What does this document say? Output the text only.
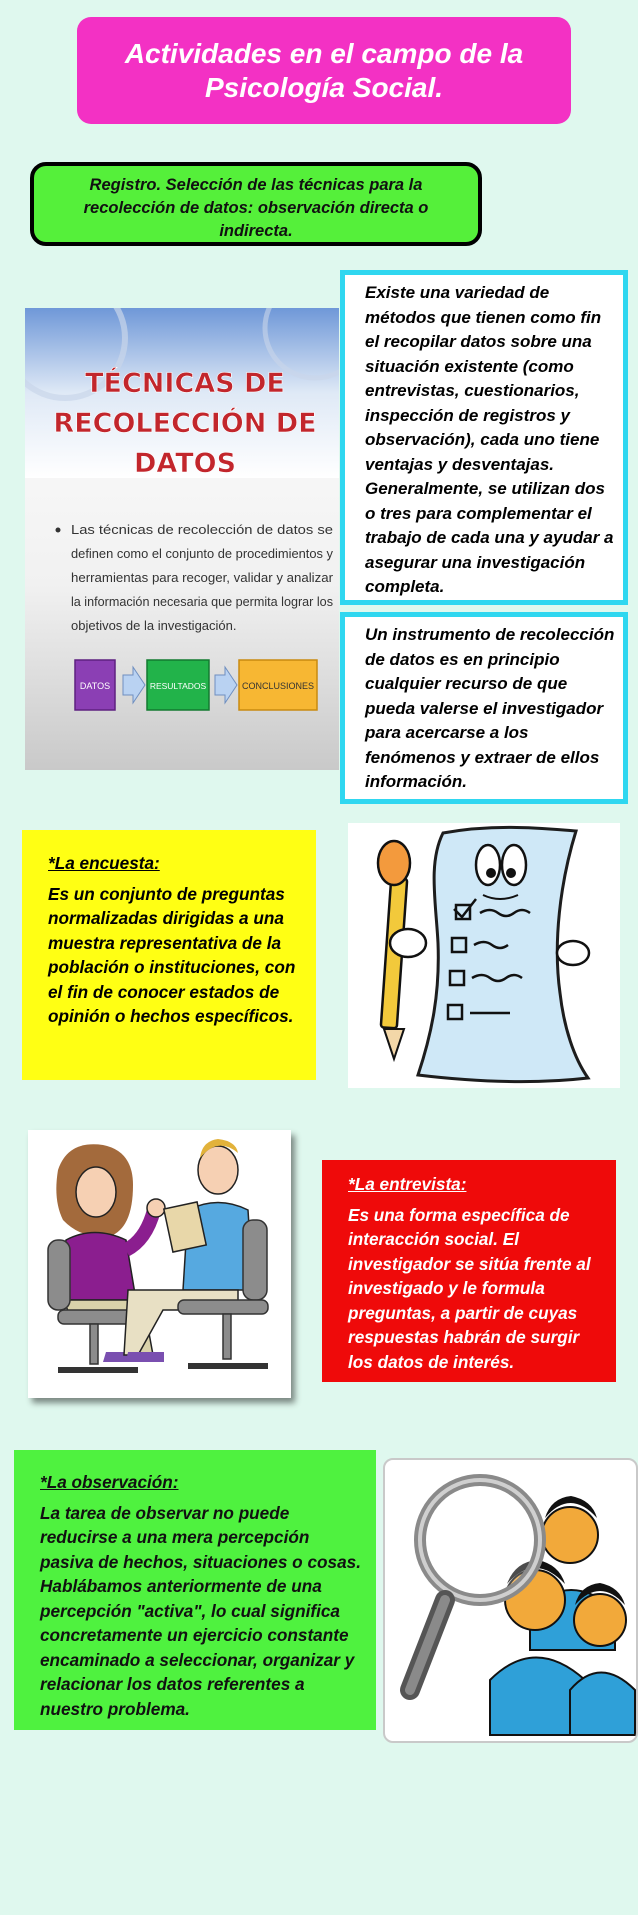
Actividades en el campo de la Psicología Social.
Registro. Selección de las técnicas para la recolección de datos: observación directa o indirecta.
TÉCNICAS DE
RECOLECCIÓN DE
DATOS
Las técnicas de recolección de datos se
definen como el conjunto de procedimientos y
herramientas para recoger, validar y analizar
la información necesaria que permita lograr los
objetivos de la investigación.
DATOS	RESULTADOS	CONCLUSIONES
Existe una variedad de métodos que tienen como fin el recopilar datos sobre una situación existente (como entrevistas, cuestionarios, inspección de registros y observación), cada uno tiene ventajas y desventajas. Generalmente, se utilizan dos o tres para complementar el trabajo de cada una y ayudar a asegurar una investigación completa.
Un instrumento de recolección de datos es en principio cualquier recurso de que pueda valerse el investigador para acercarse a los fenómenos y extraer de ellos información.
*La encuesta:
Es un conjunto de preguntas normalizadas dirigidas a una muestra representativa de la población o instituciones, con el fin de conocer estados de opinión o hechos específicos.
*La entrevista:
Es una forma específica de interacción social. El investigador se sitúa frente al investigado y le formula preguntas, a partir de cuyas respuestas habrán de surgir los datos de interés.
*La observación:
La tarea de observar no puede reducirse a una mera percepción pasiva de hechos, situaciones o cosas. Hablábamos anteriormente de una percepción "activa", lo cual significa concretamente un ejercicio constante encaminado a seleccionar, organizar y relacionar los datos referentes a nuestro problema.
